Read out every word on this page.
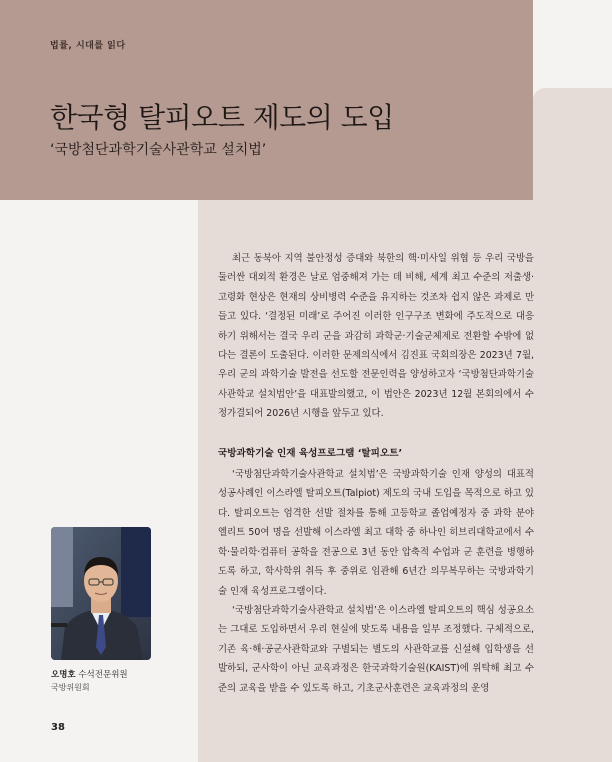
법률, 시대를 읽다
한국형 탈피오트 제도의 도입
‘국방첨단과학기술사관학교 설치법’

최근 동북아 지역 불안정성 증대와 북한의 핵·미사일 위협 등 우리 국방을 둘러싼 대외적 환경은 날로 엄중해져 가는 데 비해, 세계 최고 수준의 저출생·고령화 현상은 현재의 상비병력 수준을 유지하는 것조차 쉽지 않은 과제로 만들고 있다. ‘결정된 미래’로 주어진 이러한 인구구조 변화에 주도적으로 대응하기 위해서는 결국 우리 군을 과감히 과학군·기술군체제로 전환할 수밖에 없다는 결론이 도출된다. 이러한 문제의식에서 김진표 국회의장은 2023년 7월, 우리 군의 과학기술 발전을 선도할 전문인력을 양성하고자 ‘국방첨단과학기술사관학교 설치법안’을 대표발의했고, 이 법안은 2023년 12월 본회의에서 수정가결되어 2026년 시행을 앞두고 있다.

국방과학기술 인재 육성프로그램 ‘탈피오트’

‘국방첨단과학기술사관학교 설치법’은 국방과학기술 인재 양성의 대표적 성공사례인 이스라엘 탈피오트(Talpiot) 제도의 국내 도입을 목적으로 하고 있다. 탈피오트는 엄격한 선발 절차를 통해 고등학교 졸업예정자 중 과학 분야 엘리트 50여 명을 선발해 이스라엘 최고 대학 중 하나인 히브리대학교에서 수학·물리학·컴퓨터 공학을 전공으로 3년 동안 압축적 수업과 군 훈련을 병행하도록 하고, 학사학위 취득 후 중위로 임관해 6년간 의무복무하는 국방과학기술 인재 육성프로그램이다.

‘국방첨단과학기술사관학교 설치법’은 이스라엘 탈피오트의 핵심 성공요소는 그대로 도입하면서 우리 현실에 맞도록 내용을 일부 조정했다. 구체적으로, 기존 육·해·공군사관학교와 구별되는 별도의 사관학교를 신설해 입학생을 선발하되, 군사학이 아닌 교육과정은 한국과학기술원(KAIST)에 위탁해 최고 수준의 교육을 받을 수 있도록 하고, 기초군사훈련은 교육과정의 운영

오명호 수석전문위원
국방위원회
38
